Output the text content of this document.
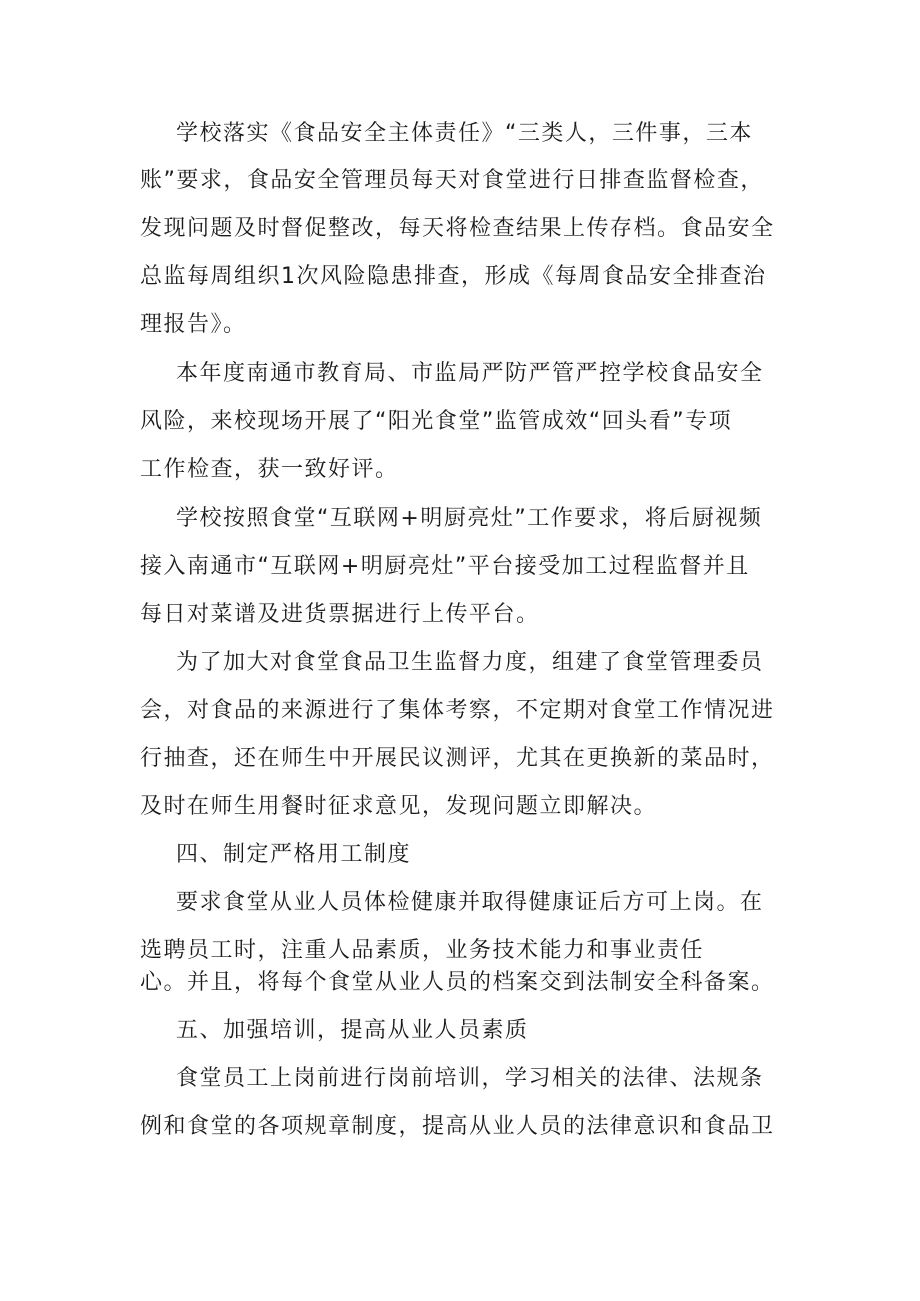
学校落实《食品安全主体责任》“三类人，三件事，三本

账”要求，食品安全管理员每天对食堂进行日排查监督检查，

发现问题及时督促整改，每天将检查结果上传存档。食品安全

总监每周组织1次风险隐患排查，形成《每周食品安全排查治

理报告》。

本年度南通市教育局、市监局严防严管严控学校食品安全

风险，来校现场开展了“阳光食堂”监管成效“回头看”专项

工作检查，获一致好评。

学校按照食堂“互联网+明厨亮灶”工作要求，将后厨视频

接入南通市“互联网+明厨亮灶”平台接受加工过程监督并且

每日对菜谱及进货票据进行上传平台。

为了加大对食堂食品卫生监督力度，组建了食堂管理委员

会，对食品的来源进行了集体考察，不定期对食堂工作情况进

行抽查，还在师生中开展民议测评，尤其在更换新的菜品时，

及时在师生用餐时征求意见，发现问题立即解决。

四、制定严格用工制度

要求食堂从业人员体检健康并取得健康证后方可上岗。在

选聘员工时，注重人品素质，业务技术能力和事业责任

心。并且，将每个食堂从业人员的档案交到法制安全科备案。

五、加强培训，提高从业人员素质

食堂员工上岗前进行岗前培训，学习相关的法律、法规条

例和食堂的各项规章制度，提高从业人员的法律意识和食品卫
